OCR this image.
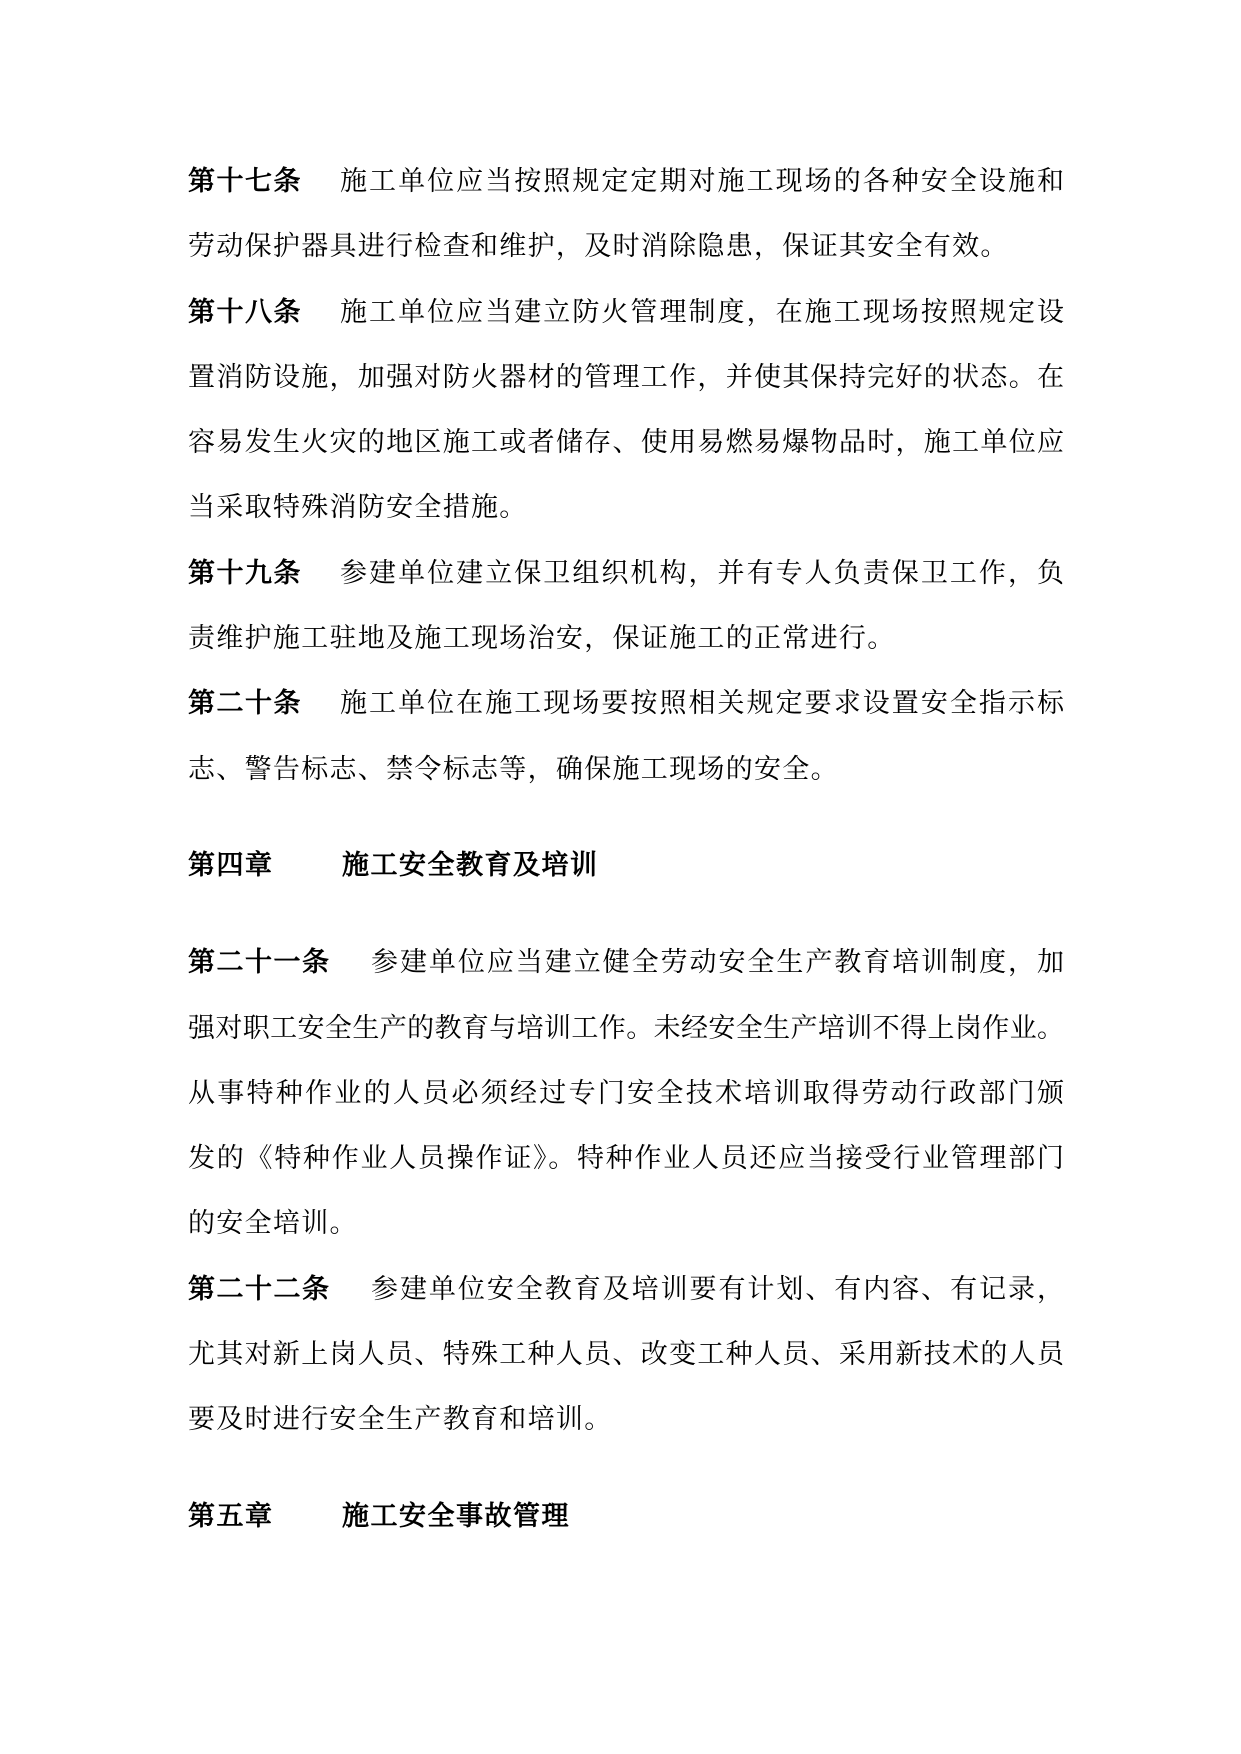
第十七条	施工单位应当按照规定定期对施工现场的各种安全设施和
劳动保护器具进行检查和维护，及时消除隐患，保证其安全有效。
第十八条	施工单位应当建立防火管理制度，在施工现场按照规定设
置消防设施，加强对防火器材的管理工作，并使其保持完好的状态。在
容易发生火灾的地区施工或者储存、使用易燃易爆物品时，施工单位应
当采取特殊消防安全措施。
第十九条	参建单位建立保卫组织机构，并有专人负责保卫工作，负
责维护施工驻地及施工现场治安，保证施工的正常进行。
第二十条	施工单位在施工现场要按照相关规定要求设置安全指示标
志、警告标志、禁令标志等，确保施工现场的安全。
第四章	施工安全教育及培训
第二十一条	参建单位应当建立健全劳动安全生产教育培训制度，加
强对职工安全生产的教育与培训工作。未经安全生产培训不得上岗作业。
从事特种作业的人员必须经过专门安全技术培训取得劳动行政部门颁
发的《特种作业人员操作证》。特种作业人员还应当接受行业管理部门
的安全培训。
第二十二条	参建单位安全教育及培训要有计划、有内容、有记录，
尤其对新上岗人员、特殊工种人员、改变工种人员、采用新技术的人员
要及时进行安全生产教育和培训。
第五章	施工安全事故管理
